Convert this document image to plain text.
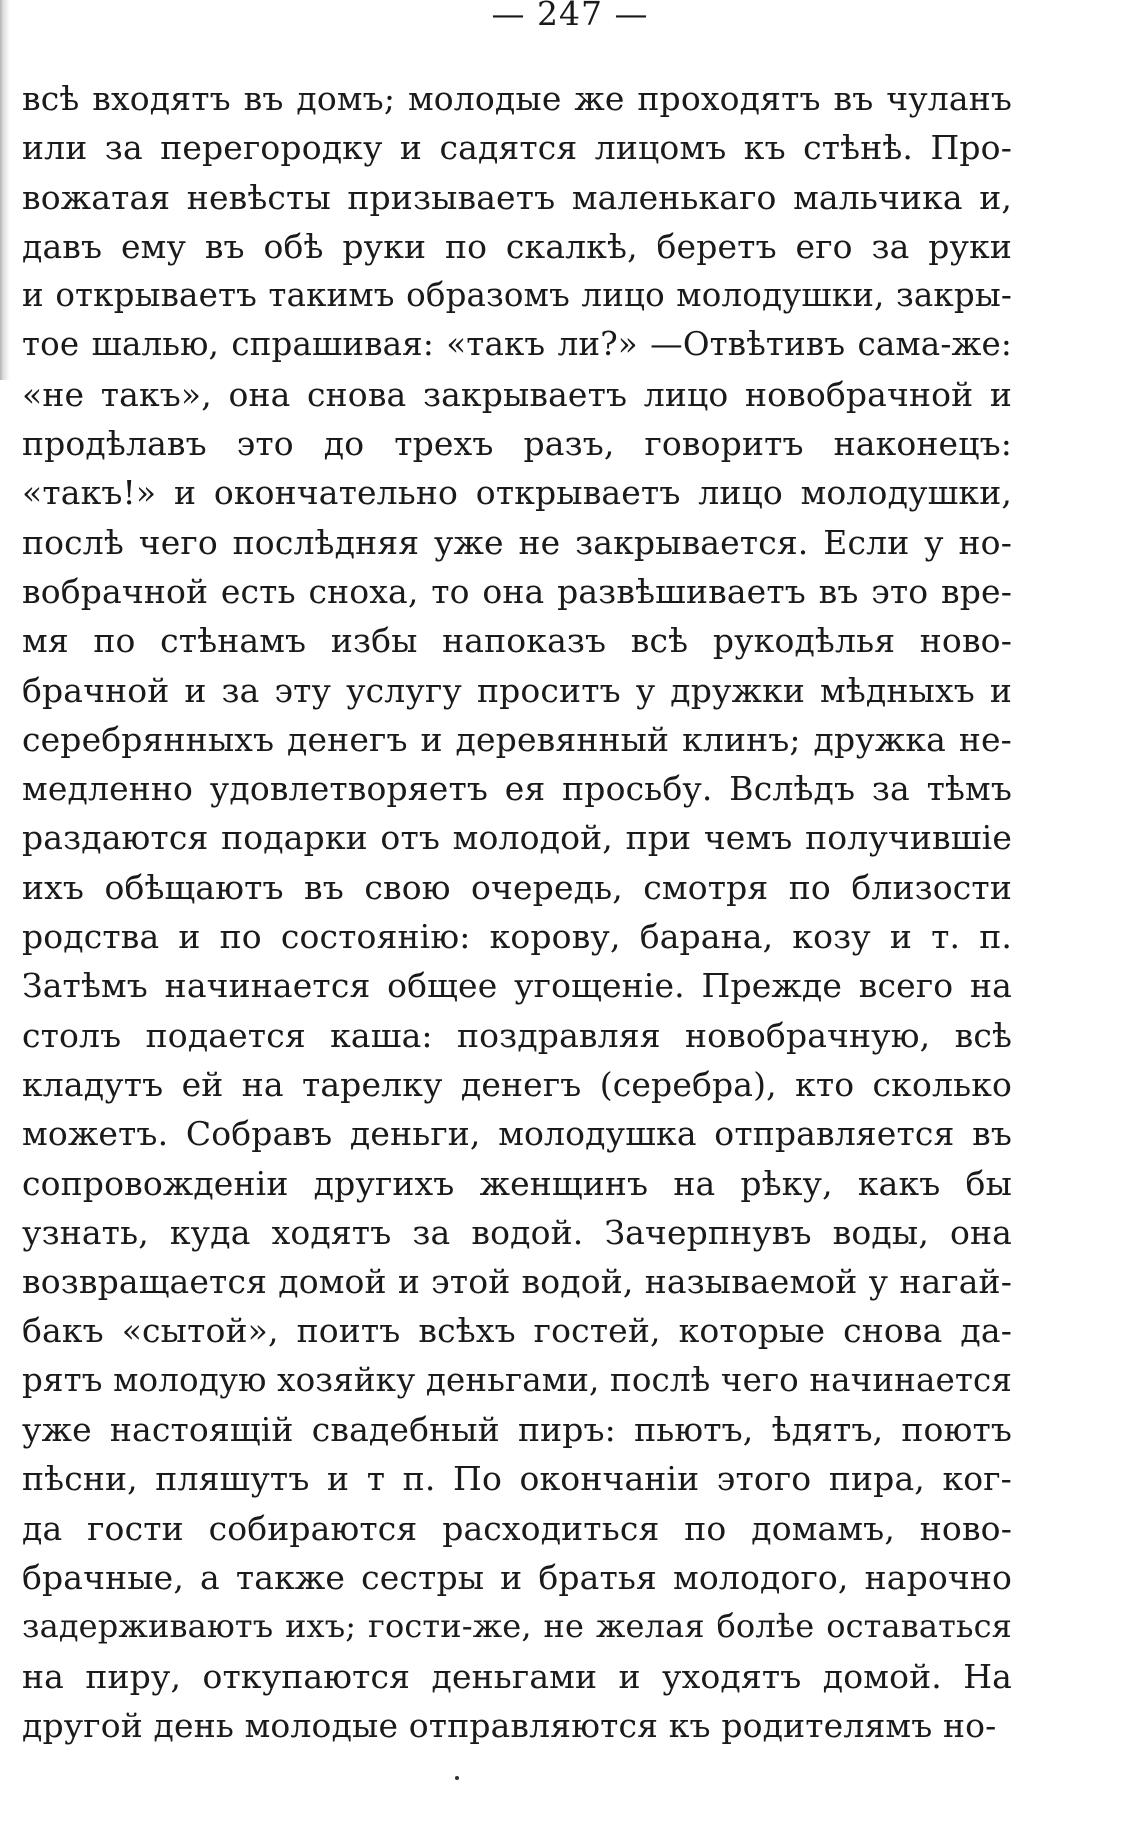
— 247 —
всѣ входятъ въ домъ; молодые же проходятъ въ чуланъ
или за перегородку и садятся лицомъ къ стѣнѣ. Про-
вожатая невѣсты призываетъ маленькаго мальчика и,
давъ ему въ обѣ руки по скалкѣ, беретъ его за руки
и открываетъ такимъ образомъ лицо молодушки, закры-
тое шалью, спрашивая: «такъ ли?» —Отвѣтивъ сама-же:
«не такъ», она снова закрываетъ лицо новобрачной и
продѣлавъ это до трехъ разъ, говоритъ наконецъ:
«такъ!» и окончательно открываетъ лицо молодушки,
послѣ чего послѣдняя уже не закрывается. Если у но-
вобрачной есть сноха, то она развѣшиваетъ въ это вре-
мя по стѣнамъ избы напоказъ всѣ рукодѣлья ново-
брачной и за эту услугу проситъ у дружки мѣдныхъ и
серебрянныхъ денегъ и деревянный клинъ; дружка не-
медленно удовлетворяетъ ея просьбу. Вслѣдъ за тѣмъ
раздаются подарки отъ молодой, при чемъ получившіе
ихъ обѣщаютъ въ свою очередь, смотря по близости
родства и по состоянію: корову, барана, козу и т. п.
Затѣмъ начинается общее угощеніе. Прежде всего на
столъ подается каша: поздравляя новобрачную, всѣ
кладутъ ей на тарелку денегъ (серебра), кто сколько
можетъ. Собравъ деньги, молодушка отправляется въ
сопровожденіи другихъ женщинъ на рѣку, какъ бы
узнать, куда ходятъ за водой. Зачерпнувъ воды, она
возвращается домой и этой водой, называемой у нагай-
бакъ «сытой», поитъ всѣхъ гостей, которые снова да-
рятъ молодую хозяйку деньгами, послѣ чего начинается
уже настоящій свадебный пиръ: пьютъ, ѣдятъ, поютъ
пѣсни, пляшутъ и т п. По окончаніи этого пира, ког-
да гости собираются расходиться по домамъ, ново-
брачные, а также сестры и братья молодого, нарочно
задерживаютъ ихъ; гости-же, не желая болѣе оставаться
на пиру, откупаются деньгами и уходятъ домой. На
другой день молодые отправляются къ родителямъ но-
